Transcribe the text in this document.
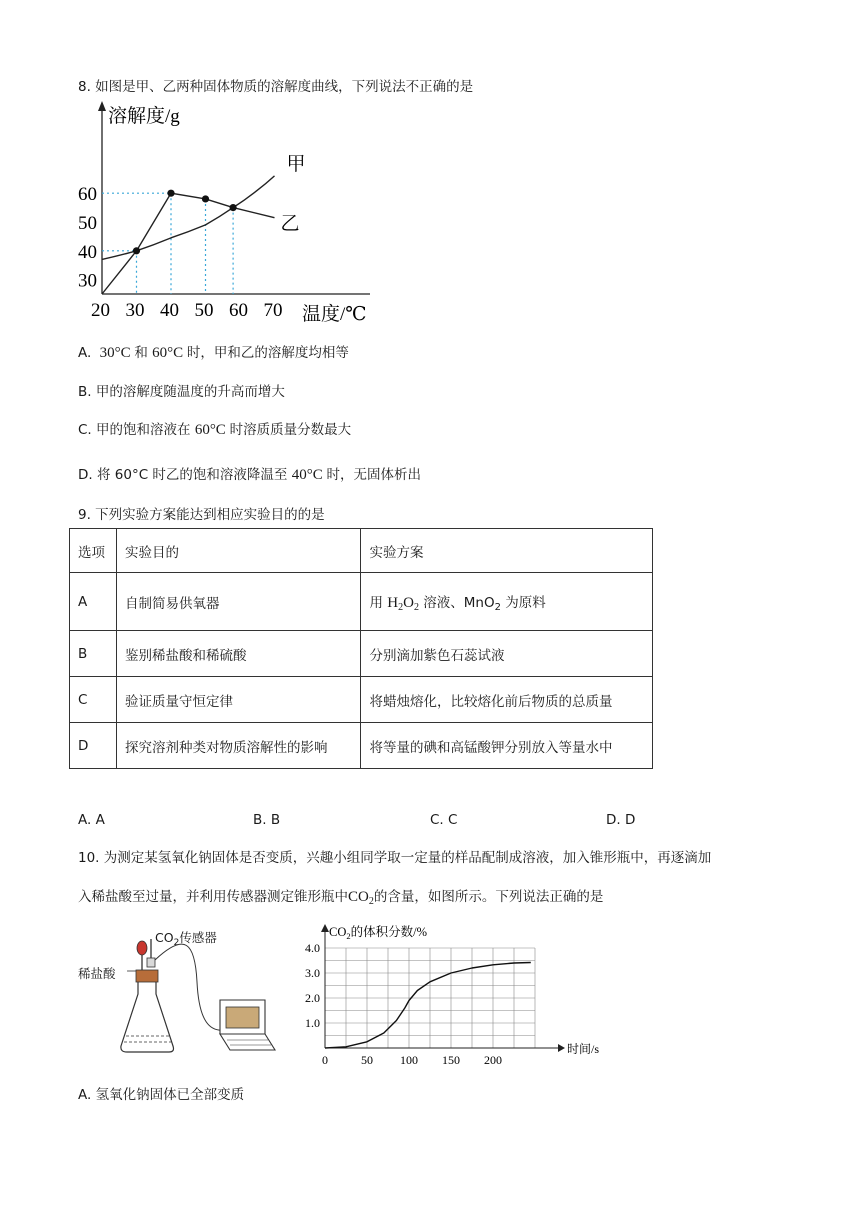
8. 如图是甲、乙两种固体物质的溶解度曲线，下列说法不正确的是
溶解度/g
温度/℃
30
40
50
60
20 30 40 50 60 70
甲
乙
A. 30°C 和 60°C 时，甲和乙的溶解度均相等
B. 甲的溶解度随温度的升高而增大
C. 甲的饱和溶液在 60°C 时溶质质量分数最大
D. 将 60°C 时乙的饱和溶液降温至 40°C 时，无固体析出
9. 下列实验方案能达到相应实验目的的是
选项	实验目的	实验方案
A	自制简易供氧器	用 $H_2O_2$ 溶液、MnO$_2$ 为原料
B	鉴别稀盐酸和稀硫酸	分别滴加紫色石蕊试液
C	验证质量守恒定律	将蜡烛熔化，比较熔化前后物质的总质量
D	探究溶剂种类对物质溶解性的影响	将等量的碘和高锰酸钾分别放入等量水中
A. A	B. B	C. C	D. D
10. 为测定某氢氧化钠固体是否变质，兴趣小组同学取一定量的样品配制成溶液，加入锥形瓶中，再逐滴加
入稀盐酸至过量，并利用传感器测定锥形瓶中$CO_2$的含量，如图所示。下列说法正确的是
稀盐酸
$CO_2$传感器	$CO_2$的体积分数/%
时间/s
0	50 100 150 200
1.0
2.0
3.0
4.0
A. 氢氧化钠固体已全部变质
